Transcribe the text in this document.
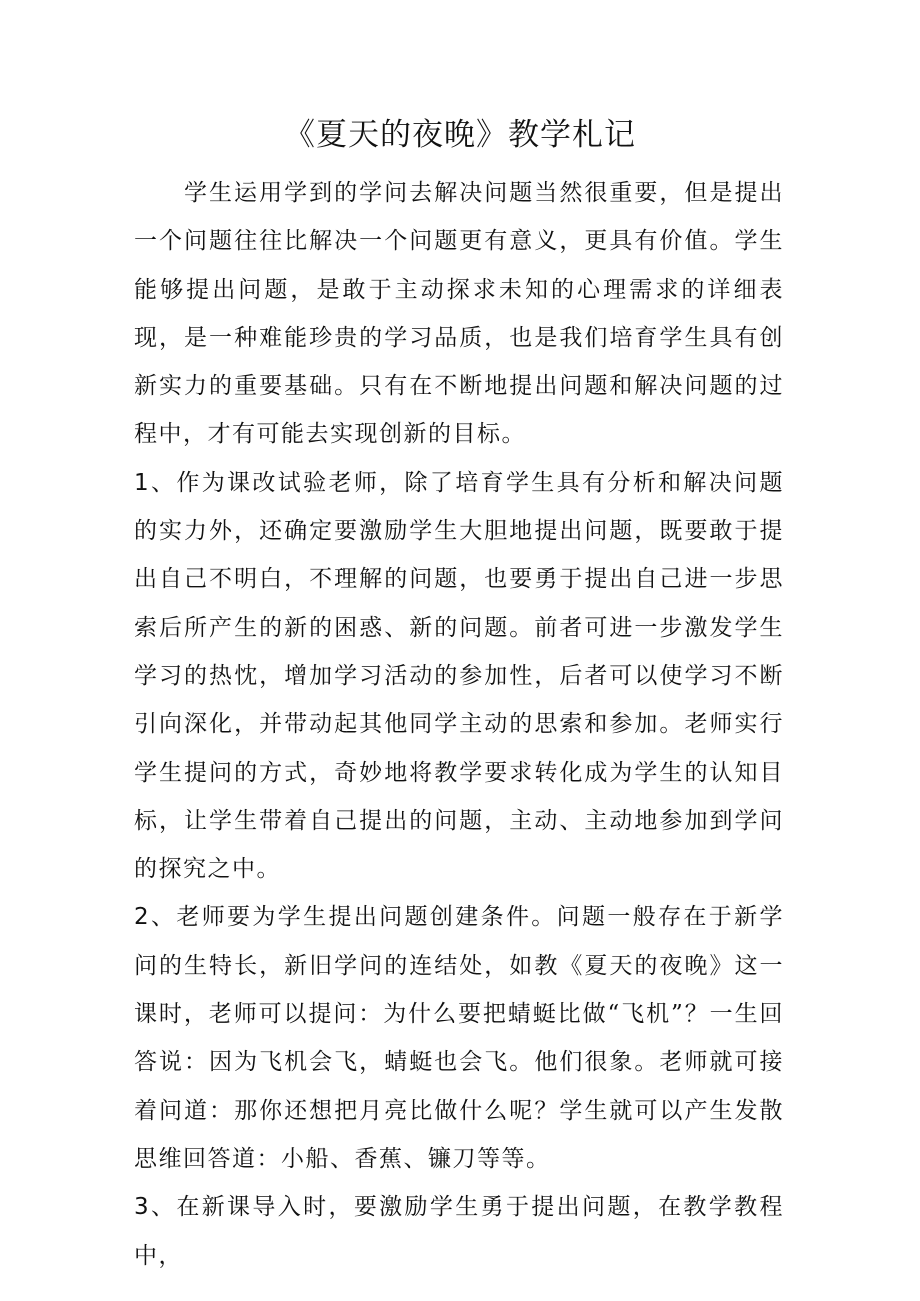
《夏天的夜晚》教学札记

学生运用学到的学问去解决问题当然很重要，但是提出一个问题往往比解决一个问题更有意义，更具有价值。学生能够提出问题，是敢于主动探求未知的心理需求的详细表现，是一种难能珍贵的学习品质，也是我们培育学生具有创新实力的重要基础。只有在不断地提出问题和解决问题的过程中，才有可能去实现创新的目标。

1、作为课改试验老师，除了培育学生具有分析和解决问题的实力外，还确定要激励学生大胆地提出问题，既要敢于提出自己不明白，不理解的问题，也要勇于提出自己进一步思索后所产生的新的困惑、新的问题。前者可进一步激发学生学习的热忱，增加学习活动的参加性，后者可以使学习不断引向深化，并带动起其他同学主动的思索和参加。老师实行学生提问的方式，奇妙地将教学要求转化成为学生的认知目标，让学生带着自己提出的问题，主动、主动地参加到学问的探究之中。

2、老师要为学生提出问题创建条件。问题一般存在于新学问的生特长，新旧学问的连结处，如教《夏天的夜晚》这一课时，老师可以提问：为什么要把蜻蜓比做“飞机”？一生回答说：因为飞机会飞，蜻蜓也会飞。他们很象。老师就可接着问道：那你还想把月亮比做什么呢？学生就可以产生发散思维回答道：小船、香蕉、镰刀等等。

3、在新课导入时，要激励学生勇于提出问题，在教学教程中，
